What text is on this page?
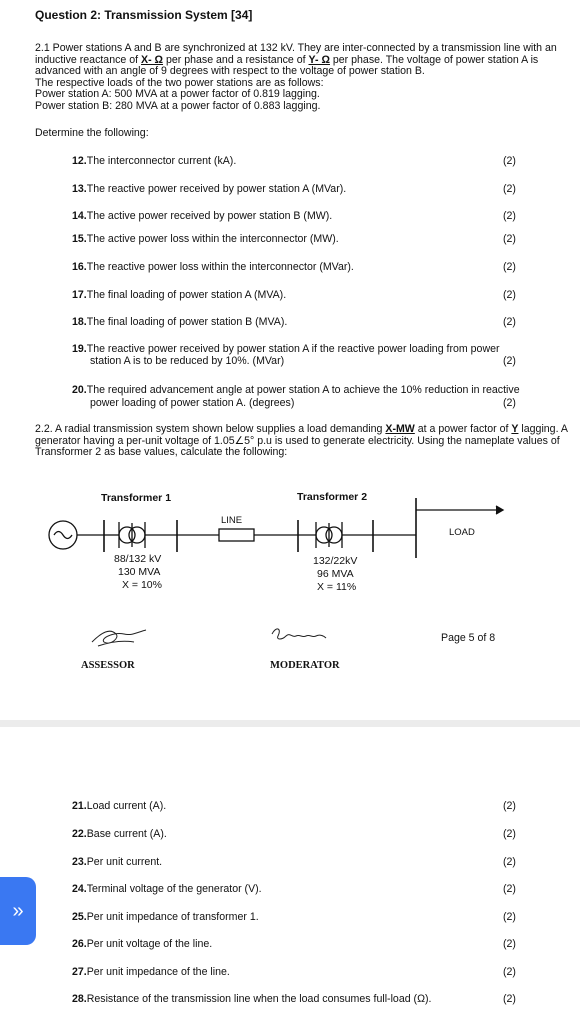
Question 2: Transmission System [34]
2.1 Power stations A and B are synchronized at 132 kV. They are inter-connected by a transmission line with an inductive reactance of X- Ω per phase and a resistance of Y- Ω per phase. The voltage of power station A is advanced with an angle of 9 degrees with respect to the voltage of power station B.
The respective loads of the two power stations are as follows:
Power station A: 500 MVA at a power factor of 0.819 lagging.
Power station B: 280 MVA at a power factor of 0.883 lagging.
Determine the following:
12.The interconnector current (kA).	(2)
13.The reactive power received by power station A (MVar).	(2)
14.The active power received by power station B (MW).	(2)
15.The active power loss within the interconnector (MW).	(2)
16.The reactive power loss within the interconnector (MVar).	(2)
17.The final loading of power station A (MVA).	(2)
18.The final loading of power station B (MVA).	(2)
19.The reactive power received by power station A if the reactive power loading from power
station A is to be reduced by 10%. (MVar)	(2)
20.The required advancement angle at power station A to achieve the 10% reduction in reactive
power loading of power station A. (degrees)	(2)
2.2. A radial transmission system shown below supplies a load demanding X-MW at a power factor of Y lagging. A generator having a per-unit voltage of 1.05∠5° p.u is used to generate electricity. Using the nameplate values of Transformer 2 as base values, calculate the following:
Transformer 1	Transformer 2
LINE
LOAD
88/132 kV
130 MVA
X = 10%
132/22kV
96 MVA
X = 11%
ASSESSOR	MODERATOR
Page 5 of 8
21.Load current (A).	(2)
22.Base current (A).	(2)
23.Per unit current.	(2)
24.Terminal voltage of the generator (V).	(2)
25.Per unit impedance of transformer 1.	(2)
26.Per unit voltage of the line.	(2)
27.Per unit impedance of the line.	(2)
28.Resistance of the transmission line when the load consumes full-load (Ω).	(2)
»
